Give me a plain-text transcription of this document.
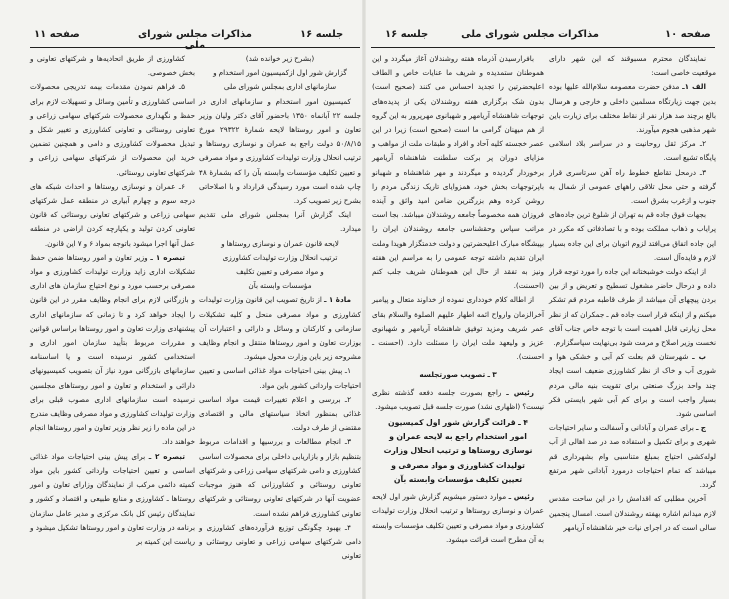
صفحه ۱۱	مذاکرات مجلس شورای ملی
جلسه ۱۶
(بشرح زیر خوانده شد)
گزارش شور اول ازکمیسیون امور استخدام و
سازمانهای اداری بمجلس شورای ملی
کمیسیون امور استخدام و سازمانهای اداری در جلسه ۲۲ آبانماه ۱۳۵۰ باحضور آقای دکتر ولیان وزیر تعاون و امور روستاها لایحه شمارهٔ ۲۹۳۲۲ مورخ ۵۰/۸/۱۵ دولت راجع به عمران و نوسازی روستاها و ترتیب انحلال وزارت تولیدات کشاورزی و مواد مصرفی و تعیین تکلیف مؤسسات وابسته بآن را که بشمارهٔ ۴۸ چاپ شده است مورد رسیدگی قرارداد و با اصلاحاتی بشرح زیر تصویب کرد.
اینک گزارش آنرا بمجلس شورای ملی تقدیم میدارد.
لایحه قانون عمران و نوسازی روستاها و
ترتیب انحلال وزارت تولیدات کشاورزی
و مواد مصرفی و تعیین تکلیف
مؤسسات وابسته بآن
مادهٔ ۱ ـ از تاریخ تصویب این قانون وزارت تولیدات کشاورزی و مواد مصرفی منحل و کلیه تشکیلات سازمانی و کارکنان و وسائل و دارائی و اعتبارات آن بوزارت تعاون و امور روستاها منتقل و انجام وظایف مشروحه زیر باین وزارت محول میشود.
۱ـ پیش بینی احتیاجات مواد غذائی اساسی و تعیین احتیاجات وارداتی کشور باین مواد.
۲ـ بررسی و اعلام تغییرات قیمت مواد اساسی غذائی بمنظور اتخاذ سیاستهای مالی و اقتصادی مقتضی از طرف دولت.
۳ـ انجام مطالعات و بررسیها و اقدامات مربوط بتنظیم بازار و بازاریابی داخلی برای محصولات اساسی کشاورزی و دامی شرکتهای سهامی زراعی و شرکتهای تعاونی روستائی و کشاورزانی که هنوز موجبات عضویت آنها در شرکتهای تعاونی روستائی و شرکتهای تعاونی کشاورزی فراهم نشده است.
۴ـ بهبود چگونگی توزیع فرآورده‌های کشاورزی و دامی شرکتهای سهامی زراعی و تعاونی روستائی و تعاونی
کشاورزی از طریق اتحادیه‌ها و شرکتهای تعاونی و بخش خصوصی.
۵ـ فراهم نمودن مقدمات بیمه تدریجی محصولات اساسی کشاورزی و تأمین وسائل و تسهیلات لازم برای حفظ و نگهداری محصولات شرکتهای سهامی زراعی و تعاونی روستائی و تعاونی کشاورزی و تغییر شکل و تبدیل محصولات کشاورزی و دامی و همچنین تضمین خرید این محصولات از شرکتهای سهامی زراعی و شرکتهای تعاونی روستائی.
۶ـ عمران و نوسازی روستاها و احداث شبکه های درجه سوم و چهارم آبیاری در منطقه عمل شرکتهای سهامی زراعی و شرکتهای تعاونی روستائی که قانون تعاونی کردن تولید و یکپارچه کردن اراضی در منطقه عمل آنها اجرا میشود باتوجه بمواد ۶ و ۷ این قانون.
تبصره ۱ ـ وزیر تعاون و امور روستاها ضمن حفظ تشکیلات اداری زاید وزارت تولیدات کشاورزی و مواد مصرفی برحسب مورد و نوع احتیاج سازمان های اداری و بازرگانی لازم برای انجام وظایف مقرر در این قانون را ایجاد خواهد کرد و تا زمانی که سازمانهای اداری پیشنهادی وزارت تعاون و امور روستاها براساس قوانین و مقررات مربوط بتأیید سازمان امور اداری و استخدامی کشور نرسیده است و یا اساسنامه سازمانهای بازرگانی مورد نیاز آن بتصویب کمیسیونهای دارائی و استخدام و تعاون و امور روستاهای مجلسین نرسیده است سازمانهای اداری مصوب قبلی برای وزارت تولیدات کشاورزی و مواد مصرفی وظایف مندرج در این ماده را زیر نظر وزیر تعاون و امور روستاها انجام خواهند داد.
تبصره ۲ ـ برای پیش بینی احتیاجات مواد غذائی اساسی و تعیین احتیاجات وارداتی کشور باین مواد کمیته دائمی مرکب از نمایندگان وزارای تعاون و امور روستاها ـ کشاورزی و منابع طبیعی و اقتصاد و کشور و نمایندگان رئیس کل بانک مرکزی و مدیر عامل سازمان برنامه در وزارت تعاون و امور روستاها تشکیل میشود و ریاست این کمیته بر
جلسه ۱۶	مذاکرات مجلس شورای ملی	صفحه ۱۰
نمایندگان محترم مسبوقند که این شهر دارای موقعیت خاصی است:
الف ۱ـ مدفن حضرت معصومه سلام‌الله علیها بوده بدین جهت زیارتگاه مسلمین داخلی و خارجی و هرسال بالغ برچند صد هزار نفر از نقاط مختلف برای زیارت باین شهر مذهبی هجوم میآورند.
۲ـ مرکز ثقل روحانیت و در سراسر بلاد اسلامی پایگاه تشیع است.
۳ـ درمحل تقاطع خطوط راه آهن سرتاسری قرار گرفته و حتی محل تلاقی راههای عمومی از شمال به جنوب و ازغرب بشرق است.
بجهات فوق جاده قم به تهران از شلوغ ترین جاده‌های پرایاب و ذهاب مملکت بوده و با تصادفاتی که مکرر در این جاده اتفاق می‌افتد لزوم اتوبان برای این جاده بسیار لازم و فایده‌آل است.
از اینکه دولت خوشبختانه این جاده را مورد توجه قرار داده و درحال حاضر مشغول تسطیح و تعریض و از بین بردن پیچهای آن میباشد از طرف قاطبه مردم قم تشکر میکنم و از اینکه قرار است جاده قم ـ جمکران که از نظر محل زیارتی قابل اهمیت است با توجه خاص جناب آقای نخست وزیر اصلاح و مرمت شود بی‌نهایت سپاسگزارم.
ب ـ شهرستان قم بعلت کم آبی و خشکی هوا و شوری آب و خاک از نظر کشاورزی ضعیف است ایجاد چند واحد بزرگ صنعتی برای تقویت بنیه مالی مردم بسیار واجب است و برای کم آبی شهر بایستی فکر اساسی شود.
ج ـ برای عمران و آبادانی و آسفالت و سایر احتیاجات شهری و برای تکمیل و استفاده صد در صد اهالی از آب لوله‌کشی احتیاج بمبلغ متناسبی وام بشهرداری قم میباشد که تمام احتیاجات درمورد آبادانی شهر مرتفع گردد.
آخرین مطلبی که اقدامش را در این ساحت مقدس لازم میدانم اشاره بهفته روشندلان است. امسال پنجمین سالی است که در اجرای نیات خیر شاهنشاه آریامهر
بافرارسیدن آذرماه هفته روشندلان آغاز میگردد و این هموطنان ستمدیده و شریف ما عنایات خاص و الطاف اعلیحضرتین را تجدید احساس می کنند (صحیح است) بدون شک برگزاری هفته روشندلان یکی از پدیده‌های توجهات شاهنشاه آریامهر و شهبانوی مهرپرور به این گروه از هم میهنان گرامی ما است (صحیح است) زیرا در این عصر خجسته کلیه آحاد و افراد و طبقات ملت از مواهب و مزایای دوران پر برکت سلطنت شاهنشاه آریامهر برخوردار گردیده و میگردند و مهر شاهنشاه و شهبانو باپرتوجهات بخش خود، همزوایای تاریک زندگی مردم را روشن کرده وهم بزرگترین ضامن امید واثق و آینده فروزان همه مخصوصاً جامعه روشندلان میباشد. بجا است مراتب سپاس وحقشناسی جامعه روشندلان ایران را بپیشگاه مبارک اعلیحضرتین و دولت خدمتگزار هویدا وملت ایران تقدیم داشته توجه عمومی را به مراسم این هفته ونیز به تفقد از حال این هموطنان شریف جلب کنم (احسنت).
از اطاله کلام خودداری نموده از خداوند متعال و پیامبر آخرالزمان وارواح ائمه اطهار علیهم الصلوة والسلام بقای عمر شریف ومزید توفیق شاهنشاه آریامهر و شهبانوی عزیز و ولیعهد ملت ایران را مسئلت دارد. (احسنت ـ احسنت).
۳ ـ تصویب صورتجلسه
رئیس ـ راجع بصورت جلسه دفعه گذشته نظری نیست؟ (اظهاری نشد) صورت جلسه قبل تصویب میشود.
۴ ـ قرائت گزارش شور اول کمیسیون امور استخدام راجع به لایحه عمران و نوسازی روستاها و ترتیب انحلال وزارت تولیدات کشاورزی و مواد مصرفی و تعیین تکلیف مؤسسات وابسته بآن
رئیس ـ موارد دستور میشویم گزارش شور اول لایحه عمران و نوسازی روستاها و ترتیب انحلال وزارت تولیدات کشاورزی و مواد مصرفی و تعیین تکلیف مؤسسات وابسته به آن مطرح است قرائت میشود.
